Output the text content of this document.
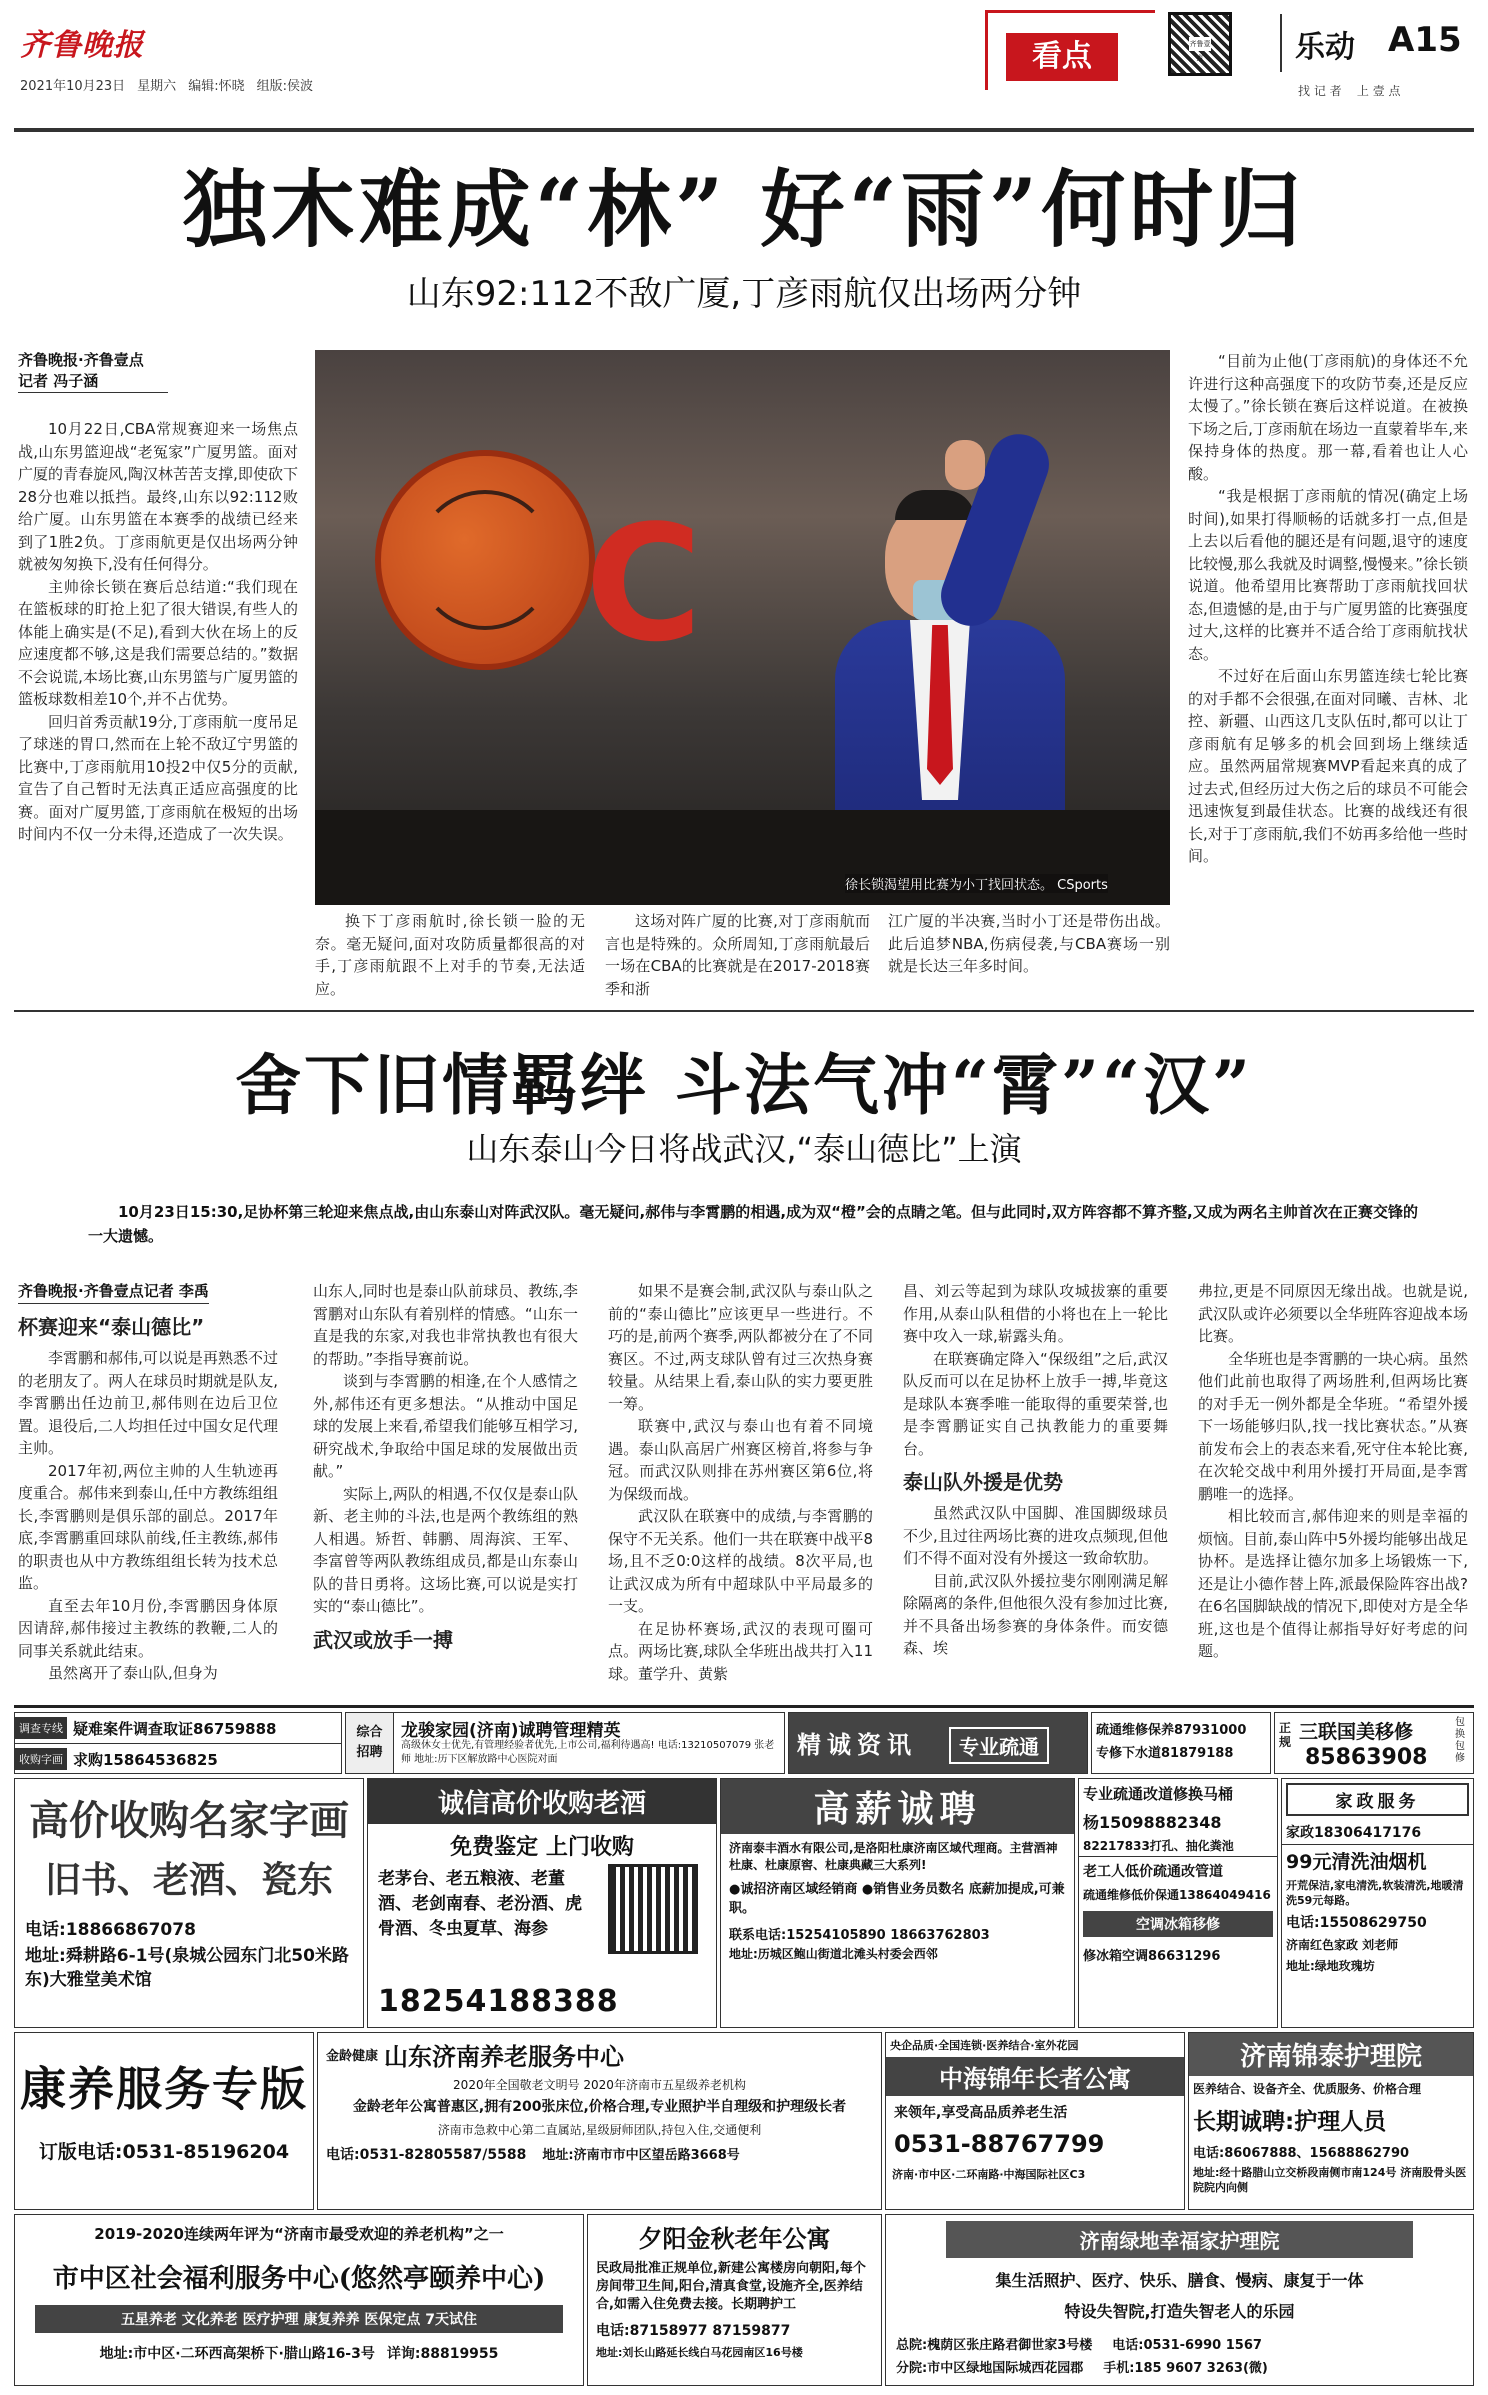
齐鲁晚报
2021年10月23日 星期六 编辑:怀晓 组版:侯波
看点	齐鲁壹点	乐动 A15
找 记 者    上 壹 点
独木难成“林” 好“雨”何时归
山东92:112不敌广厦,丁彦雨航仅出场两分钟
齐鲁晚报·齐鲁壹点
记者 冯子涵

10月22日,CBA常规赛迎来一场焦点战,山东男篮迎战“老冤家”广厦男篮。面对广厦的青春旋风,陶汉林苦苦支撑,即使砍下28分也难以抵挡。最终,山东以92:112败给广厦。山东男篮在本赛季的战绩已经来到了1胜2负。丁彦雨航更是仅出场两分钟就被匆匆换下,没有任何得分。

主帅徐长锁在赛后总结道:“我们现在在篮板球的盯抢上犯了很大错误,有些人的体能上确实是(不足),看到大伙在场上的反应速度都不够,这是我们需要总结的。”数据不会说谎,本场比赛,山东男篮与广厦男篮的篮板球数相差10个,并不占优势。

回归首秀贡献19分,丁彦雨航一度吊足了球迷的胃口,然而在上轮不敌辽宁男篮的比赛中,丁彦雨航用10投2中仅5分的贡献,宣告了自己暂时无法真正适应高强度的比赛。面对广厦男篮,丁彦雨航在极短的出场时间内不仅一分未得,还造成了一次失误。

C
徐长锁渴望用比赛为小丁找回状态。 CSports

换下丁彦雨航时,徐长锁一脸的无奈。毫无疑问,面对攻防质量都很高的对手,丁彦雨航跟不上对手的节奏,无法适应。

这场对阵广厦的比赛,对丁彦雨航而言也是特殊的。众所周知,丁彦雨航最后一场在CBA的比赛就是在2017-2018赛季和浙

江广厦的半决赛,当时小丁还是带伤出战。此后追梦NBA,伤病侵袭,与CBA赛场一别就是长达三年多时间。

“目前为止他(丁彦雨航)的身体还不允许进行这种高强度下的攻防节奏,还是反应太慢了。”徐长锁在赛后这样说道。在被换下场之后,丁彦雨航在场边一直蒙着毕车,来保持身体的热度。那一幕,看着也让人心酸。

“我是根据丁彦雨航的情况(确定上场时间),如果打得顺畅的话就多打一点,但是上去以后看他的腿还是有问题,退守的速度比较慢,那么我就及时调整,慢慢来。”徐长锁说道。他希望用比赛帮助丁彦雨航找回状态,但遗憾的是,由于与广厦男篮的比赛强度过大,这样的比赛并不适合给丁彦雨航找状态。

不过好在后面山东男篮连续七轮比赛的对手都不会很强,在面对同曦、吉林、北控、新疆、山西这几支队伍时,都可以让丁彦雨航有足够多的机会回到场上继续适应。虽然两届常规赛MVP看起来真的成了过去式,但经历过大伤之后的球员不可能会迅速恢复到最佳状态。比赛的战线还有很长,对于丁彦雨航,我们不妨再多给他一些时间。

舍下旧情羁绊 斗法气冲“霄”“汉”
山东泰山今日将战武汉,“泰山德比”上演
10月23日15:30,足协杯第三轮迎来焦点战,由山东泰山对阵武汉队。毫无疑问,郝伟与李霄鹏的相遇,成为双“橙”会的点睛之笔。但与此同时,双方阵容都不算齐整,又成为两名主帅首次在正赛交锋的一大遗憾。
齐鲁晚报·齐鲁壹点记者 李禹

杯赛迎来“泰山德比”

李霄鹏和郝伟,可以说是再熟悉不过的老朋友了。两人在球员时期就是队友,李霄鹏出任边前卫,郝伟则在边后卫位置。退役后,二人均担任过中国女足代理主帅。

2017年初,两位主帅的人生轨迹再度重合。郝伟来到泰山,任中方教练组组长,李霄鹏则是俱乐部的副总。2017年底,李霄鹏重回球队前线,任主教练,郝伟的职责也从中方教练组组长转为技术总监。

直至去年10月份,李霄鹏因身体原因请辞,郝伟接过主教练的教鞭,二人的同事关系就此结束。

虽然离开了泰山队,但身为

山东人,同时也是泰山队前球员、教练,李霄鹏对山东队有着别样的情感。“山东一直是我的东家,对我也非常执教也有很大的帮助。”李指导赛前说。

谈到与李霄鹏的相逢,在个人感情之外,郝伟还有更多想法。“从推动中国足球的发展上来看,希望我们能够互相学习,研究战术,争取给中国足球的发展做出贡献。”

实际上,两队的相遇,不仅仅是泰山队新、老主帅的斗法,也是两个教练组的熟人相遇。矫哲、韩鹏、周海滨、王军、李富曾等两队教练组成员,都是山东泰山队的昔日勇将。这场比赛,可以说是实打实的“泰山德比”。

武汉或放手一搏

如果不是赛会制,武汉队与泰山队之前的“泰山德比”应该更早一些进行。不巧的是,前两个赛季,两队都被分在了不同赛区。不过,两支球队曾有过三次热身赛较量。从结果上看,泰山队的实力要更胜一筹。

联赛中,武汉与泰山也有着不同境遇。泰山队高居广州赛区榜首,将参与争冠。而武汉队则排在苏州赛区第6位,将为保级而战。

武汉队在联赛中的成绩,与李霄鹏的保守不无关系。他们一共在联赛中战平8场,且不乏0:0这样的战绩。8次平局,也让武汉成为所有中超球队中平局最多的一支。

在足协杯赛场,武汉的表现可圈可点。两场比赛,球队全华班出战共打入11球。董学升、黄紫

昌、刘云等起到为球队攻城拔寨的重要作用,从泰山队租借的小将也在上一轮比赛中攻入一球,崭露头角。

在联赛确定降入“保级组”之后,武汉队反而可以在足协杯上放手一搏,毕竟这是球队本赛季唯一能取得的重要荣誉,也是李霄鹏证实自己执教能力的重要舞台。

泰山队外援是优势

虽然武汉队中国脚、准国脚级球员不少,且过往两场比赛的进攻点频现,但他们不得不面对没有外援这一致命软肋。

目前,武汉队外援拉斐尔刚刚满足解除隔离的条件,但他很久没有参加过比赛,并不具备出场参赛的身体条件。而安德森、埃

弗拉,更是不同原因无缘出战。也就是说,武汉队或许必须要以全华班阵容迎战本场比赛。

全华班也是李霄鹏的一块心病。虽然他们此前也取得了两场胜利,但两场比赛的对手无一例外都是全华班。“希望外援下一场能够归队,找一找比赛状态。”从赛前发布会上的表态来看,死守住本轮比赛,在次轮交战中利用外援打开局面,是李霄鹏唯一的选择。

相比较而言,郝伟迎来的则是幸福的烦恼。目前,泰山阵中5外援均能够出战足协杯。是选择让德尔加多上场锻炼一下,还是让小德作替上阵,派最保险阵容出战?在6名国脚缺战的情况下,即使对方是全华班,这也是个值得让郝指导好好考虑的问题。

调查专线 疑难案件调查取证86759888
收购字画 求购15864536825
综合
招聘
龙骏家园(济南)诚聘管理精英
高级休女士优先,有管理经验者优先,上市公司,福利待遇高! 电话:13210507079 张老师 地址:历下区解放路中心医院对面
精诚资讯	专业疏通
疏通维修保养87931000
专修下水道81879188
正规 三联国美移修
85863908
包换包修
高价收购名家字画
旧书、老酒、瓷东
电话:18866867078
地址:舜耕路6-1号(泉城公园东门北50米路东)大雅堂美术馆
诚信高价收购老酒
免费鉴定 上门收购
老茅台、老五粮液、老董酒、老剑南春、老汾酒、虎骨酒、冬虫夏草、海参
18254188388
高薪诚聘
济南泰丰酒水有限公司,是洛阳杜康济南区域代理商。主营酒神杜康、杜康原窖、杜康典藏三大系列!
●诚招济南区域经销商 ●销售业务员数名 底薪加提成,可兼职。
联系电话:15254105890 18663762803
地址:历城区鲍山街道北滩头村委会西邻
专业疏通改道修换马桶
杨15098882348
82217833打孔、抽化粪池
老工人低价疏通改管道
疏通维修低价保通13864049416
空调冰箱移修
修冰箱空调86631296
家政服务
家政18306417176
99元清洗油烟机
开荒保洁,家电清洗,软装清洗,地暖清洗59元每路。
电话:15508629750
济南红色家政 刘老师
地址:绿地玫瑰坊
康养服务专版
订版电话:0531-85196204
金龄健康 山东济南养老服务中心
2020年全国敬老文明号 2020年济南市五星级养老机构
金龄老年公寓普惠区,拥有200张床位,价格合理,专业照护半自理级和护理级长者
济南市急救中心第二直属站,星级厨师团队,持包入住,交通便利
电话:0531-82805587/5588 地址:济南市市中区望岳路3668号
央企品质·全国连锁·医养结合·室外花园
中海锦年长者公寓
来领年,享受高品质养老生活
0531-88767799
济南·市中区·二环南路·中海国际社区C3
济南锦泰护理院
医养结合、设备齐全、优质服务、价格合理
长期诚聘:护理人员
电话:86067888、15688862790
地址:经十路腊山立交桥段南侧市南124号 济南股骨头医院院内向侧
2019-2020连续两年评为“济南市最受欢迎的养老机构”之一
市中区社会福利服务中心(悠然亭颐养中心)
五星养老 文化养老 医疗护理 康复养养 医保定点 7天试住
地址:市中区·二环西高架桥下·腊山路16-3号 详询:88819955
夕阳金秋老年公寓
民政局批准正规单位,新建公寓楼房向朝阳,每个房间带卫生间,阳台,清真食堂,设施齐全,医养结合,如需入住免费去接。长期聘护工
电话:87158977 87159877
地址:刘长山路延长线白马花园南区16号楼
济南绿地幸福家护理院
集生活照护、医疗、快乐、膳食、慢病、康复于一体
特设失智院,打造失智老人的乐园
总院:槐荫区张庄路君御世家3号楼 电话:0531-6990 1567
分院:市中区绿地国际城西花园郡 手机:185 9607 3263(微)
